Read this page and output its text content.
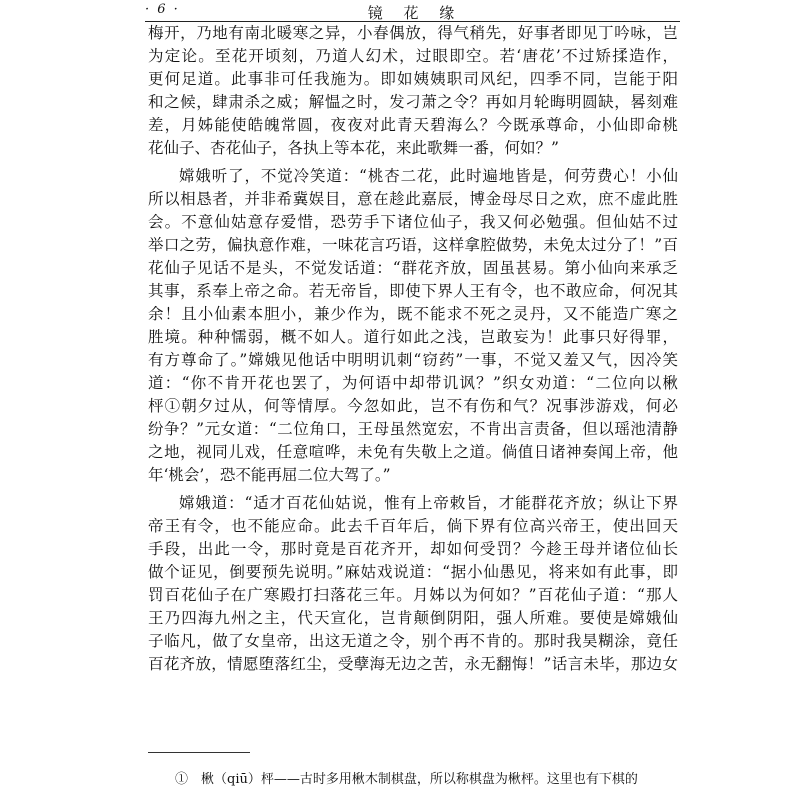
· 6 ·	镜 花 缘
梅开，乃地有南北暖寒之异，小春偶放，得气稍先，好事者即见丁吟咏，岂
为定论。至花开顷刻，乃道人幻术，过眼即空。若‘唐花’不过矫揉造作，
更何足道。此事非可任我施为。即如姨姨职司风纪，四季不同，岂能于阳
和之候，肆肃杀之威；解愠之时，发刁萧之令？再如月轮晦明圆缺，晷刻难
差，月姊能使皓魄常圆，夜夜对此青天碧海么？今既承尊命，小仙即命桃
花仙子、杏花仙子，各执上等本花，来此歌舞一番，何如？”
嫦娥听了，不觉冷笑道：“桃杏二花，此时遍地皆是，何劳费心！小仙
所以相恳者，并非希冀娱目，意在趁此嘉辰，博金母尽日之欢，庶不虚此胜
会。不意仙姑意存爱惜，恐劳手下诸位仙子，我又何必勉强。但仙姑不过
举口之劳，偏执意作难，一味花言巧语，这样拿腔做势，未免太过分了！”百
花仙子见话不是头，不觉发话道：“群花齐放，固虽甚易。第小仙向来承乏
其事，系奉上帝之命。若无帝旨，即使下界人王有令，也不敢应命，何况其
余！且小仙素本胆小，兼少作为，既不能求不死之灵丹，又不能造广寒之
胜境。种种懦弱，概不如人。道行如此之浅，岂敢妄为！此事只好得罪，
有方尊命了。”嫦娥见他话中明明讥刺“窃药”一事，不觉又羞又气，因冷笑
道：“你不肯开花也罢了，为何语中却带讥讽？”织女劝道：“二位向以楸
枰①朝夕过从，何等情厚。今忽如此，岂不有伤和气？况事涉游戏，何必
纷争？”元女道：“二位角口，王母虽然宽宏，不肯出言责备，但以瑶池清静
之地，视同儿戏，任意喧哗，未免有失敬上之道。倘值日诸神奏闻上帝，他
年‘桃会’，恐不能再屈二位大驾了。”
嫦娥道：“适才百花仙姑说，惟有上帝敕旨，才能群花齐放；纵让下界
帝王有令，也不能应命。此去千百年后，倘下界有位高兴帝王，使出回天
手段，出此一令，那时竟是百花齐开，却如何受罚？今趁王母并诸位仙长
做个证见，倒要预先说明。”麻姑戏说道：“据小仙愚见，将来如有此事，即
罚百花仙子在广寒殿打扫落花三年。月姊以为何如？”百花仙子道：“那人
王乃四海九州之主，代天宣化，岂肯颠倒阴阳，强人所难。要使是嫦娥仙
子临凡，做了女皇帝，出这无道之令，别个再不肯的。那时我昊糊涂，竟任
百花齐放，情愿堕落红尘，受孽海无边之苦，永无翻悔！”话言未毕，那边女
①　楸（qiū）枰——古时多用楸木制棋盘，所以称棋盘为楸枰。这里也有下棋的
